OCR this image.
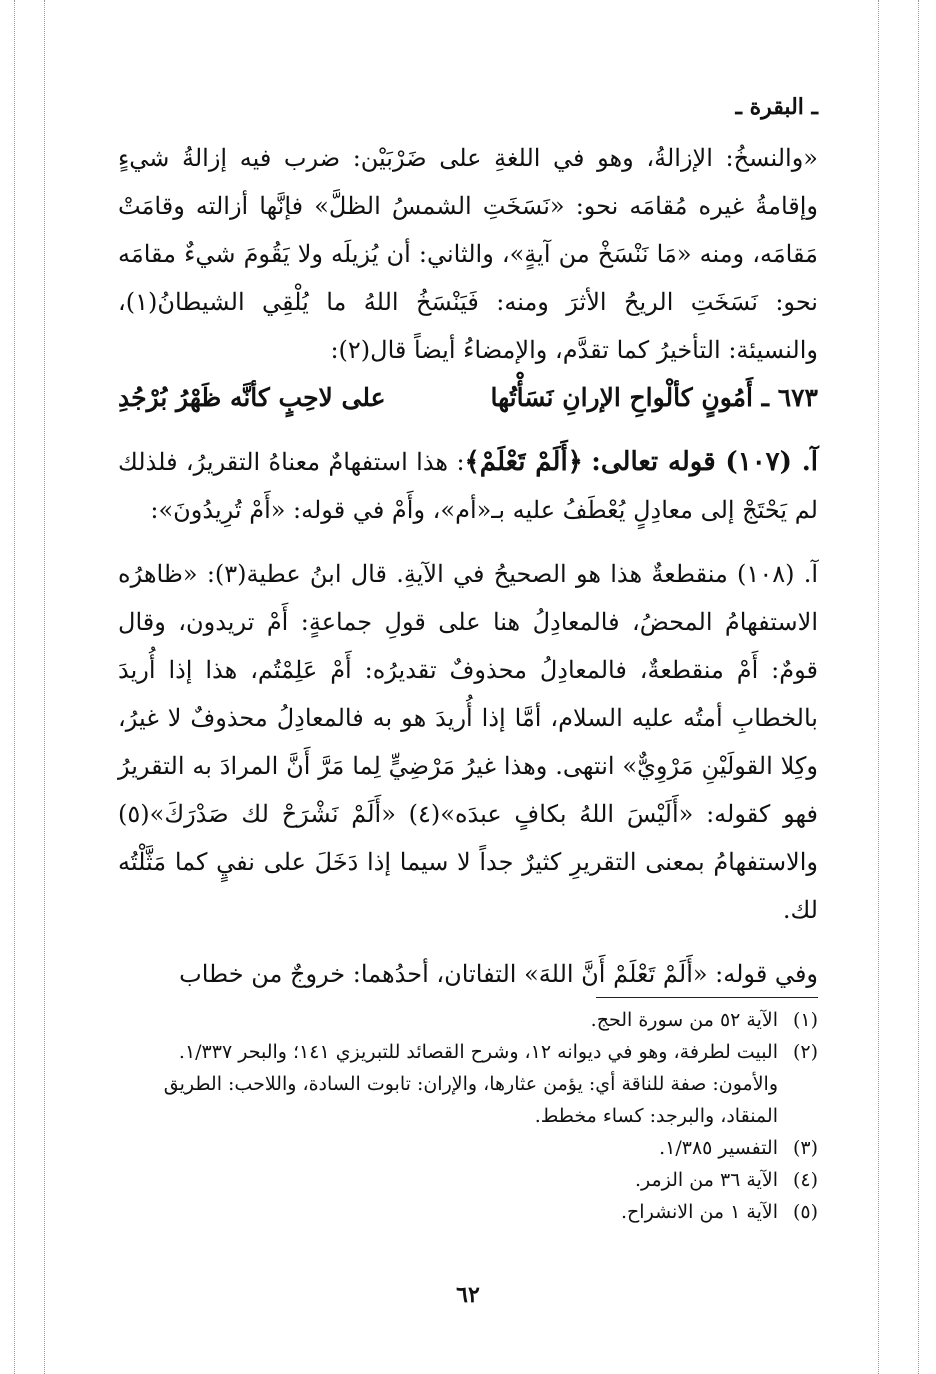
ـ البقرة ـ

«والنسخُ: الإزالةُ، وهو في اللغةِ على ضَرْبَيْن: ضرب فيه إزالةُ شيءٍ وإقامةُ غيره مُقامَه نحو: «نَسَخَتِ الشمسُ الظلَّ» فإنَّها أزالته وقامَتْ مَقامَه، ومنه «مَا نَنْسَخْ من آيةٍ»، والثاني: أن يُزيلَه ولا يَقُومَ شيءٌ مقامَه نحو: نَسَخَتِ الريحُ الأثرَ ومنه: فَيَنْسَخُ اللهُ ما يُلْقِي الشيطانُ(١)، والنسيئة: التأخيرُ كما تقدَّم، والإمضاءُ أيضاً قال(٢):

٦٧٣ ـ أَمُونٍ كألْواحِ الإرانِ نَسَأْتُها
على لاحِبٍ كأنَّه ظَهْرُ بُرْجُدِ

آ. (١٠٧) قوله تعالى: ﴿أَلَمْ تَعْلَمْ﴾: هذا استفهامٌ معناهُ التقريرُ، فلذلك لم يَحْتَجْ إلى معادِلٍ يُعْطَفُ عليه بـ«أم»، وأَمْ في قوله: «أَمْ تُرِيدُونَ»:

آ. (١٠٨) منقطعةٌ هذا هو الصحيحُ في الآيةِ. قال ابنُ عطية(٣): «ظاهرُه الاستفهامُ المحضُ، فالمعادِلُ هنا على قولِ جماعةٍ: أَمْ تريدون، وقال قومٌ: أَمْ منقطعةٌ، فالمعادِلُ محذوفٌ تقديرُه: أَمْ عَلِمْتُم، هذا إذا أُريدَ بالخطابِ أمتُه عليه السلام، أمَّا إذا أُريدَ هو به فالمعادِلُ محذوفٌ لا غيرُ، وكِلا القولَيْنِ مَرْوِيٌّ» انتهى. وهذا غيرُ مَرْضِيٍّ لِما مَرَّ أَنَّ المرادَ به التقريرُ فهو كقوله: «أَلَيْسَ اللهُ بكافٍ عبدَه»(٤) «أَلَمْ نَشْرَحْ لك صَدْرَكَ»(٥) والاستفهامُ بمعنى التقريرِ كثيرٌ جداً لا سيما إذا دَخَلَ على نفيٍ كما مَثَّلْتُه لك.

وفي قوله: «أَلَمْ تَعْلَمْ أَنَّ اللهَ» التفاتان، أحدُهما: خروجٌ من خطاب

(١)الآية ٥٢ من سورة الحج.

(٢)البيت لطرفة، وهو في ديوانه ١٢، وشرح القصائد للتبريزي ١٤١؛ والبحر ١/٣٣٧.

والأمون: صفة للناقة أي: يؤمن عثارها، والإران: تابوت السادة، واللاحب: الطريق المنقاد، والبرجد: كساء مخطط.

(٣)التفسير ١/٣٨٥.

(٤)الآية ٣٦ من الزمر.

(٥)الآية ١ من الانشراح.

٦٢
